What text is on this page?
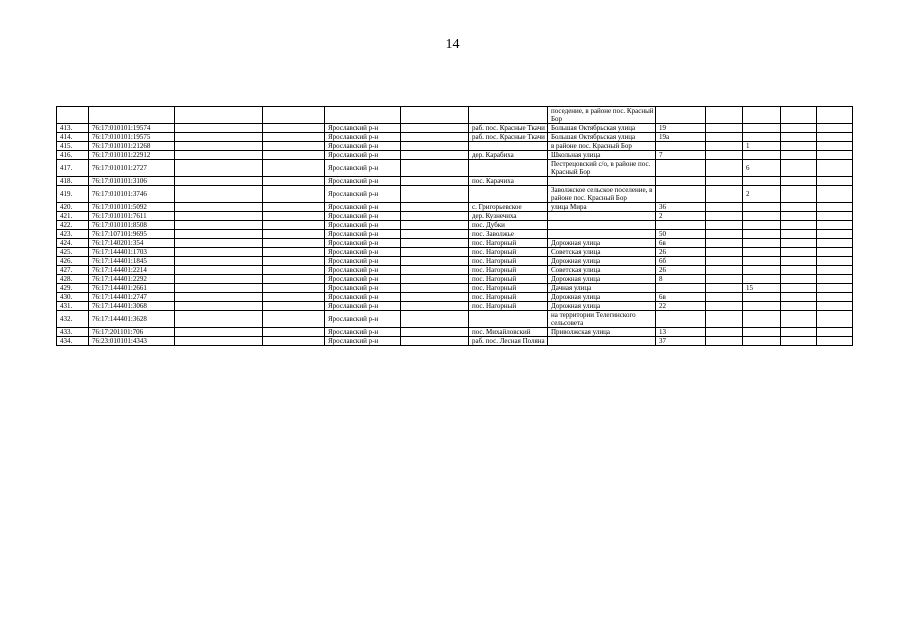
14
							поседение, в районе пос. Красный Бор					
413.	76:17:010101:19574			Ярославский р-н		раб. пос. Красные Ткачи	Большая Октябрьская улица	19				
414.	76:17:010101:19575			Ярославский р-н		раб. пос. Красные Ткачи	Большая Октябрьская улица	19а				
415.	76:17:010101:21268			Ярославский р-н			в районе пос. Красный Бор			1		
416.	76:17:010101:22912			Ярославский р-н		дер. Карабиха	Школьная улица	7				
417.	76:17:010101:2727			Ярославский р-н			Пестрецовский с/о, в районе пос. Красный Бор			6		
418.	76:17:010101:3106			Ярославский р-н		пос. Карачиха						
419.	76:17:010101:3746			Ярославский р-н			Заволжское сельское поселение, в районе пос. Красный Бор			2		
420.	76:17:010101:5092			Ярославский р-н		с. Григорьевское	улица Мира	36				
421.	76:17:010101:7611			Ярославский р-н		дер. Кузнечиха		2				
422.	76:17:010101:8508			Ярославский р-н		пос. Дубки						
423.	76:17:107101:9695			Ярославский р-н		пос. Заволжье		50				
424.	76:17:140201:354			Ярославский р-н		пос. Нагорный	Дорожная улица	6в				
425.	76:17:144401:1703			Ярославский р-н		пос. Нагорный	Советская улица	26				
426.	76:17:144401:1845			Ярославский р-н		пос. Нагорный	Дорожная улица	6б				
427.	76:17:144401:2214			Ярославский р-н		пос. Нагорный	Советская улица	26				
428.	76:17:144401:2292			Ярославский р-н		пос. Нагорный	Дорожная улица	8				
429.	76:17:144401:2661			Ярославский р-н		пос. Нагорный	Дачная улица			15		
430.	76:17:144401:2747			Ярославский р-н		пос. Нагорный	Дорожная улица	6в				
431.	76:17:144401:3068			Ярославский р-н		пос. Нагорный	Дорожная улица	22				
432.	76:17:144401:3628			Ярославский р-н			на территории Телегинского сельсовета					
433.	76:17:201101:706			Ярославский р-н		пос. Михайловский	Приволжская улица	13				
434.	76:23:010101:4343			Ярославский р-н		раб. пос. Лесная Поляна		37				
